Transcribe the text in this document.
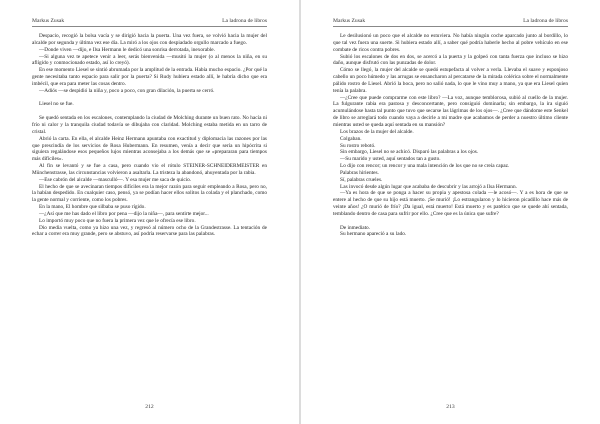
Markus Zusak	La ladrona de libros

Despacio, recogió la bolsa vacía y se dirigió hacia la puerta. Una vez fuera, se volvió hacia la mujer del alcalde por segunda y última vez ese día. La miró a los ojos con despiadado orgullo marcado a fuego.

—Donde viven —dijo, e Ilsa Hermann le dedicó una sonrisa derrotada, inexorable.

—Si alguna vez te apetece venir a leer, serás bienvenida —musitó la mujer (o al menos la niña, en su aflígido y conmocionado estado, así lo creyó).

En ese momento Liesel se sintió abrumada por la amplitud de la entrada. Había mucho espacio. ¿Por qué la gente necesitaba tanto espacio para salir por la puerta? Si Rudy hubiera estado allí, le habría dicho que era imbécil, que era para meter las cosas dentro.

—Adiós —se despidió la niña y, poco a poco, con gran dilación, la puerta se cerró.

Liesel no se fue.

Se quedó sentada en los escalones, contemplando la ciudad de Molching durante un buen rato. No hacía ni frío ni calor y la tranquila ciudad todavía se dibujaba con claridad. Molching estaba metida en un tarro de cristal.

Abrió la carta. En ella, el alcalde Heinz Hermann apuntaba con exactitud y diplomacia las razones por las que prescindía de los servicios de Rosa Hubermann. En resumen, venía a decir que sería un hipócrita si siguiera regalándose esos pequeños lujos mientras aconsejaba a los demás que se «prepararan para tiempos más difíciles».

Al fin se levantó y se fue a casa, pero cuando vio el rótulo STEINER-SCHNEIDERMEISTER en Münchenstrasse, las circunstancias volvieron a asaltarla. La tristeza la abandonó, ahuyentada por la rabia.

—Ese cabrón del alcalde —masculló—. Y esa mujer me saca de quicio.

El hecho de que se avecinaran tiempos difíciles era la mejor razón para seguir empleando a Rosa, pero no, la habían despedido. En cualquier caso, pensó, ya se podían hacer ellos solitos la colada y el planchado, como la gente normal y corriente, como los pobres.

En la mano, El hombre que silbaba se puso rígido.

—¿Así que me has dado el libro por pena —dijo la niña—, para sentirte mejor...

Lo importó muy poco que no fuera la primera vez que le ofrecía ese libro.

Dio media vuelta, como ya hizo una vez, y regresó al número ocho de la Grandestrasse. La tentación de echar a correr era muy grande, pero se abstuvo, así podría reservarse para las palabras.

212
Markus Zusak	La ladrona de libros

Le desilusionó un poco que el alcalde no estuviera. No había ningún coche aparcado junto al bordillo, lo que tal vez fuera una suerte. Si hubiera estado allí, a saber qué podría haberle hecho al pobre vehículo en ese combate de ricos contra pobres.

Subió los escalones de dos en dos, se acercó a la puerta y la golpeó con tanta fuerza que incluso se hizo daño, aunque disfrutó con las punzadas de dolor.

Cómo se llegó, la mujer del alcalde se quedó estupefacta al volver a verla. Llevaba el suave y esponjoso cabello un poco húmedo y las arrugas se ensancharon al percatarse de la mirada colérica sobre el normalmente pálido rostro de Liesel. Abrió la boca, pero no salió nada, lo que le vino muy a mano, ya que era Liesel quien tenía la palabra.

—¿Cree que puede comprarme con este libro? —La voz, aunque temblorosa, subió al cuello de la mujer. La fulgurante rabia era pastosa y desconcertante, pero consiguió dominarla; sin embargo, la ira siguió acumulándose hasta tal punto que tuvo que secarse las lágrimas de los ojos—. ¿Cree que dándome este Senkel de libro se arreglará todo cuando vaya a decirle a mi madre que acabamos de perder a nuestro último cliente mientras usted se queda aquí sentada en su mansión?

Los brazos de la mujer del alcalde.

Colgaban.

Su rostro rebotó.

Sin embargo, Liesel no se achicó. Disparó las palabras a los ojos.

—Su marido y usted, aquí sentados tan a gusto.

Lo dijo con rencor; un rencor y una mala intención de los que no se creía capaz.

Palabras hirientes.

Sí, palabras crueles.

Las invocó desde algún lugar que acababa de descubrir y las arrojó a Ilsa Hermann.

—Ya es hora de que se ponga a hacer su propia y apestosa colada —le acosó—. Y a es hora de que se entere al hecho de que su hijo está muerto. ¡Se murió! ¡Lo estrangularon y lo hicieron picadillo hace más de veinte años! ¿O murió de frío? ¡Da igual, está muerto! Está muerto y es patético que se quede ahí sentada, temblando dentro de casa para sufrir por ello. ¿Cree que es la única que sufre?

De inmediato.

Su hermano apareció a su lado.

213
